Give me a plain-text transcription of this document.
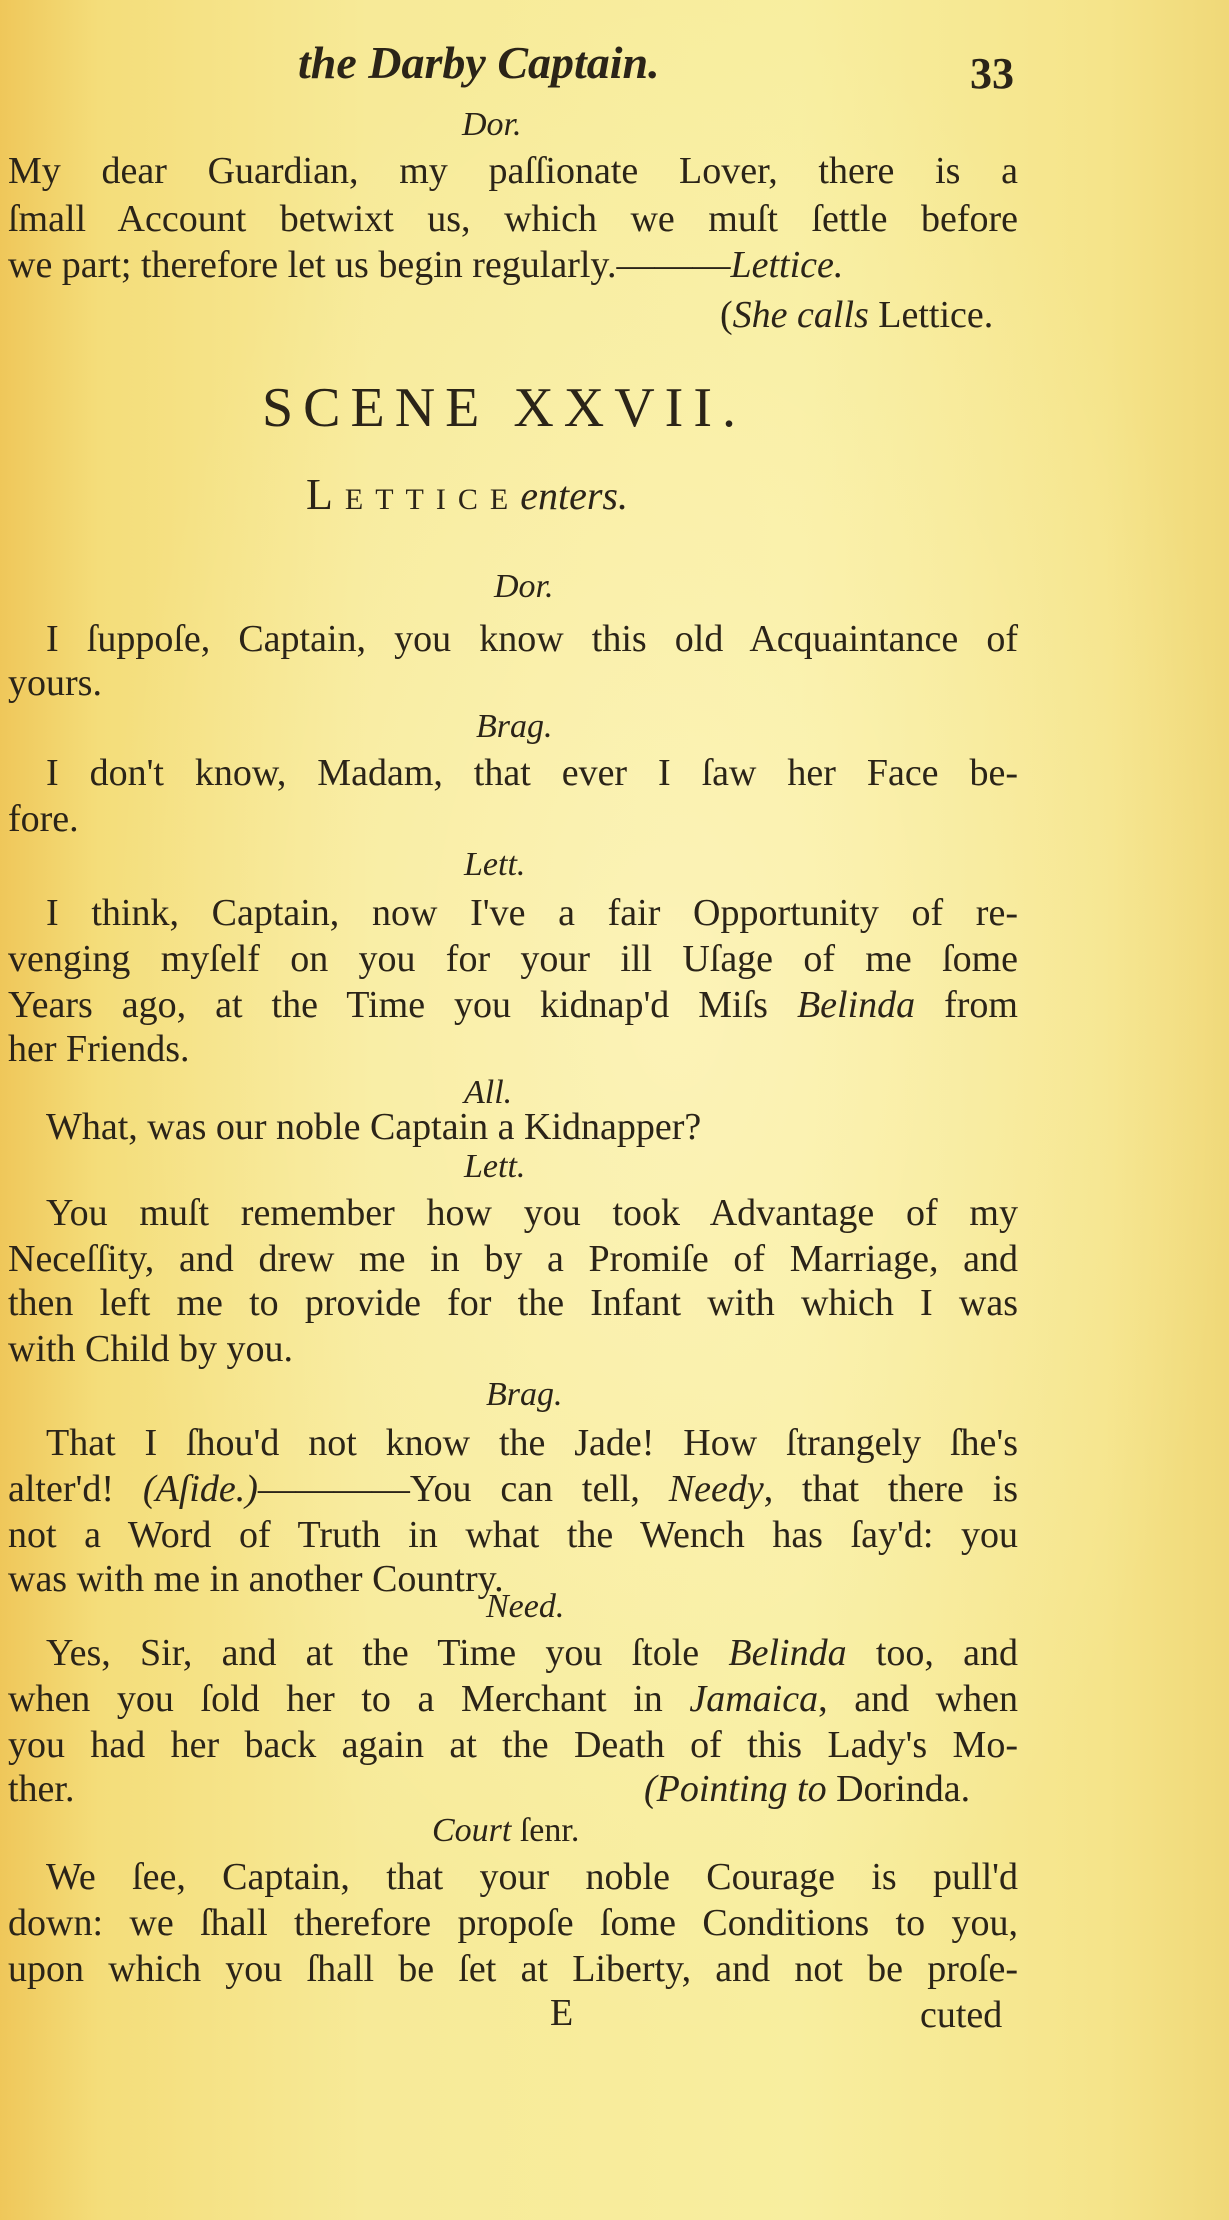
the Darby Captain.	33
Dor.
My dear Guardian, my paſſionate Lover, there is a
ſmall Account betwixt us, which we muſt ſettle before
we part; therefore let us begin regularly.———Lettice.
(She calls Lettice.
SCENE XXVII.
LETTICEenters.
Dor.
I ſuppoſe, Captain, you know this old Acquaintance of
yours.
Brag.
I don't know, Madam, that ever I ſaw her Face be-
fore.
Lett.
I think, Captain, now I've a fair Opportunity of re-
venging myſelf on you for your ill Uſage of me ſome
Years ago, at the Time you kidnap'd Miſs Belinda from
her Friends.
All.
What, was our noble Captain a Kidnapper?
Lett.
You muſt remember how you took Advantage of my
Neceſſity, and drew me in by a Promiſe of Marriage, and
then left me to provide for the Infant with which I was
with Child by you.
Brag.
That I ſhou'd not know the Jade! How ſtrangely ſhe's
alter'd! (Aſide.)————You can tell, Needy, that there is
not a Word of Truth in what the Wench has ſay'd: you
was with me in another Country.
Need.
Yes, Sir, and at the Time you ſtole Belinda too, and
when you ſold her to a Merchant in Jamaica, and when
you had her back again at the Death of this Lady's Mo-
ther.	(Pointing to Dorinda.
Court ſenr.
We ſee, Captain, that your noble Courage is pull'd
down: we ſhall therefore propoſe ſome Conditions to you,
upon which you ſhall be ſet at Liberty, and not be proſe-
E	cuted
